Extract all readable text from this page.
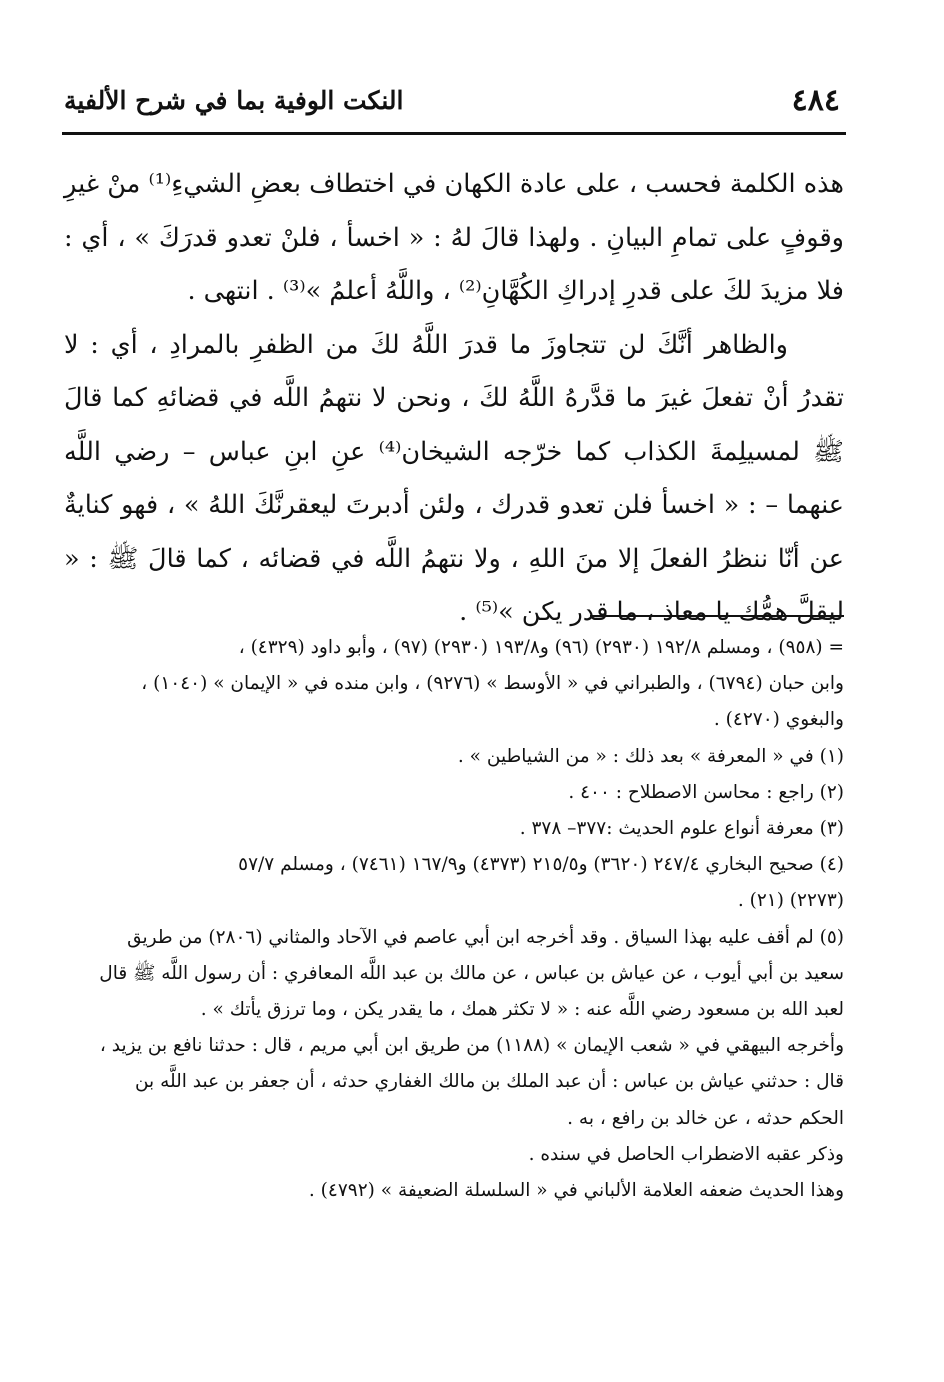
٤٨٤
النكت الوفية بما في شرح الألفية

هذه الكلمة فحسب ، على عادة الكهان في اختطاف بعضِ الشيءِ⁽¹⁾ منْ غيرِ وقوفٍ على تمامِ البيانِ . ولهذا قالَ لهُ : « اخسأ ، فلنْ تعدو قدرَكَ » ، أي : فلا مزيدَ لكَ على قدرِ إدراكِ الكُهَّانِ⁽²⁾ ، واللَّهُ أعلمُ »⁽³⁾ . انتهى .

والظاهر أنَّكَ لن تتجاوزَ ما قدرَ اللَّهُ لكَ من الظفرِ بالمرادِ ، أي : لا تقدرُ أنْ تفعلَ غيرَ ما قدَّرهُ اللَّهُ لكَ ، ونحن لا نتهمُ اللَّه في قضائهِ كما قالَ ﷺ لمسيلِمةَ الكذاب كما خرّجه الشيخان⁽⁴⁾ عنِ ابنِ عباس – رضي اللَّه عنهما – : « اخسأ فلن تعدو قدرك ، ولئن أدبرتَ ليعقرنَّكَ اللهُ » ، فهو كنايةٌ عن أنّا ننظرُ الفعلَ إلا منَ اللهِ ، ولا نتهمُ اللَّه في قضائه ، كما قالَ ﷺ : « ليقلَّ همُّك يا معاذ ، ما قدر يكن »⁽⁵⁾ .

= (٩٥٨) ، ومسلم ١٩٢/٨ (٢٩٣٠) (٩٦) و١٩٣/٨ (٢٩٣٠) (٩٧) ، وأبو داود (٤٣٢٩) ،

وابن حبان (٦٧٩٤) ، والطبراني في « الأوسط » (٩٢٧٦) ، وابن منده في « الإيمان » (١٠٤٠) ،

والبغوي (٤٢٧٠) .

(١) في « المعرفة » بعد ذلك : « من الشياطين » .

(٢) راجع : محاسن الاصطلاح : ٤٠٠ .

(٣) معرفة أنواع علوم الحديث :٣٧٧– ٣٧٨ .

(٤) صحيح البخاري ٢٤٧/٤ (٣٦٢٠) و٢١٥/٥ (٤٣٧٣) و١٦٧/٩ (٧٤٦١) ، ومسلم ٥٧/٧

(٢٢٧٣) (٢١) .

(٥) لم أقف عليه بهذا السياق . وقد أخرجه ابن أبي عاصم في الآحاد والمثاني (٢٨٠٦) من طريق

سعيد بن أبي أيوب ، عن عياش بن عباس ، عن مالك بن عبد اللَّه المعافري : أن رسول اللَّه ﷺ قال

لعبد الله بن مسعود رضي اللَّه عنه : « لا تكثر همك ، ما يقدر يكن ، وما ترزق يأتك » .

وأخرجه البيهقي في « شعب الإيمان » (١١٨٨) من طريق ابن أبي مريم ، قال : حدثنا نافع بن يزيد ،

قال : حدثني عياش بن عباس : أن عبد الملك بن مالك الغفاري حدثه ، أن جعفر بن عبد اللَّه بن

الحكم حدثه ، عن خالد بن رافع ، به .

وذكر عقبه الاضطراب الحاصل في سنده .

وهذا الحديث ضعفه العلامة الألباني في « السلسلة الضعيفة » (٤٧٩٢) .
